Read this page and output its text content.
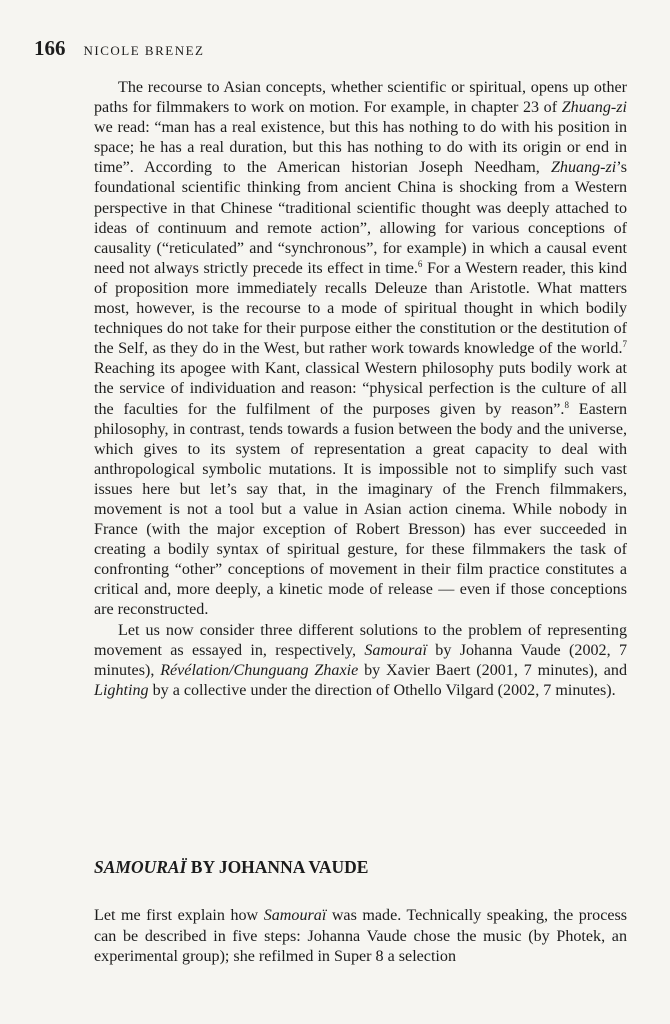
166 NICOLE BRENEZ

The recourse to Asian concepts, whether scientific or spiritual, opens up other paths for filmmakers to work on motion. For example, in chapter 23 of Zhuang-zi we read: “man has a real existence, but this has nothing to do with his position in space; he has a real duration, but this has nothing to do with its origin or end in time”. According to the American historian Joseph Needham, Zhuang-zi’s foundational scientific thinking from ancient China is shocking from a Western perspective in that Chinese “traditional scientific thought was deeply attached to ideas of continuum and remote action”, allowing for various conceptions of causality (“reticulated” and “synchronous”, for example) in which a causal event need not always strictly precede its effect in time.$^6$ For a Western reader, this kind of proposition more immediately recalls Deleuze than Aristotle. What matters most, however, is the recourse to a mode of spiritual thought in which bodily techniques do not take for their purpose either the constitution or the destitution of the Self, as they do in the West, but rather work towards knowledge of the world.$^7$ Reaching its apogee with Kant, classical Western philosophy puts bodily work at the service of individuation and reason: “physical perfection is the culture of all the faculties for the fulfilment of the purposes given by reason”.$^8$ Eastern philosophy, in contrast, tends towards a fusion between the body and the universe, which gives to its system of representation a great capacity to deal with anthropological symbolic mutations. It is impossible not to simplify such vast issues here but let’s say that, in the imaginary of the French filmmakers, movement is not a tool but a value in Asian action cinema. While nobody in France (with the major exception of Robert Bresson) has ever succeeded in creating a bodily syntax of spiritual gesture, for these filmmakers the task of confronting “other” conceptions of movement in their film practice constitutes a critical and, more deeply, a kinetic mode of release — even if those conceptions are reconstructed.

Let us now consider three different solutions to the problem of representing movement as essayed in, respectively, Samouraï by Johanna Vaude (2002, 7 minutes), Révélation/Chunguang Zhaxie by Xavier Baert (2001, 7 minutes), and Lighting by a collective under the direction of Othello Vilgard (2002, 7 minutes).

SAMOURAÏ BY JOHANNA VAUDE

Let me first explain how Samouraï was made. Technically speaking, the process can be described in five steps: Johanna Vaude chose the music (by Photek, an experimental group); she refilmed in Super 8 a selection
